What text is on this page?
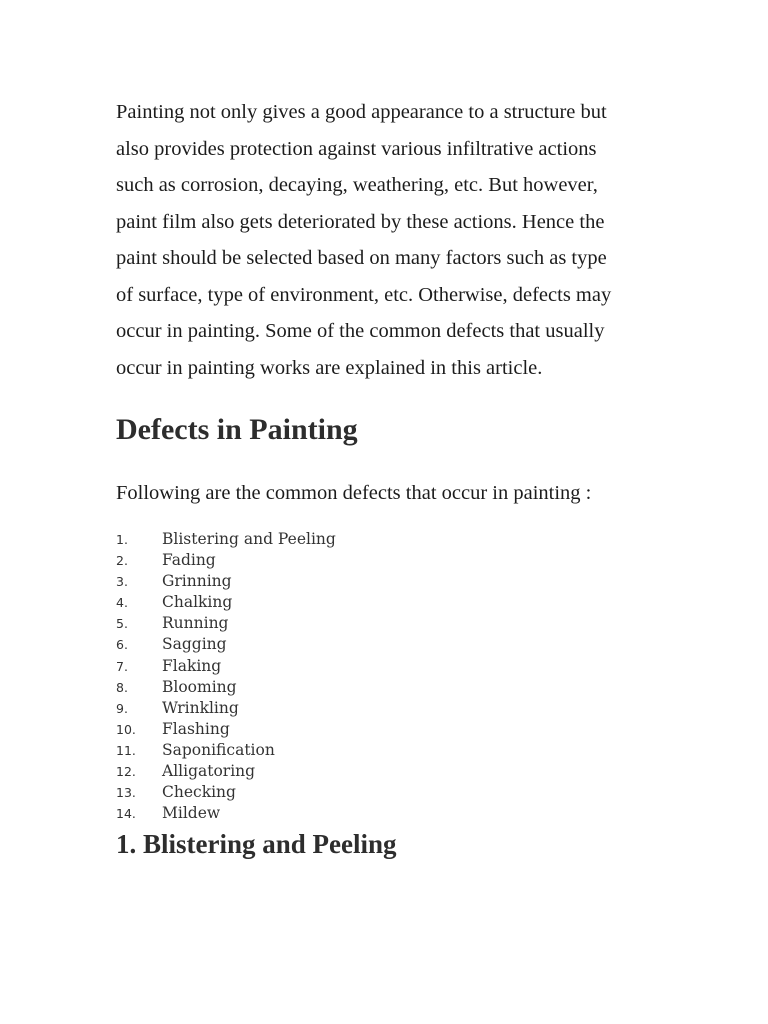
Painting not only gives a good appearance to a structure but
also provides protection against various infiltrative actions
such as corrosion, decaying, weathering, etc. But however,
paint film also gets deteriorated by these actions. Hence the
paint should be selected based on many factors such as type
of surface, type of environment, etc. Otherwise, defects may
occur in painting. Some of the common defects that usually
occur in painting works are explained in this article.

Defects in Painting

Following are the common defects that occur in painting :

1.	Blistering and Peeling
2.	Fading
3.	Grinning
4.	Chalking
5.	Running
6.	Sagging
7.	Flaking
8.	Blooming
9.	Wrinkling
10.	Flashing
11.	Saponification
12.	Alligatoring
13.	Checking
14.	Mildew
1. Blistering and Peeling
